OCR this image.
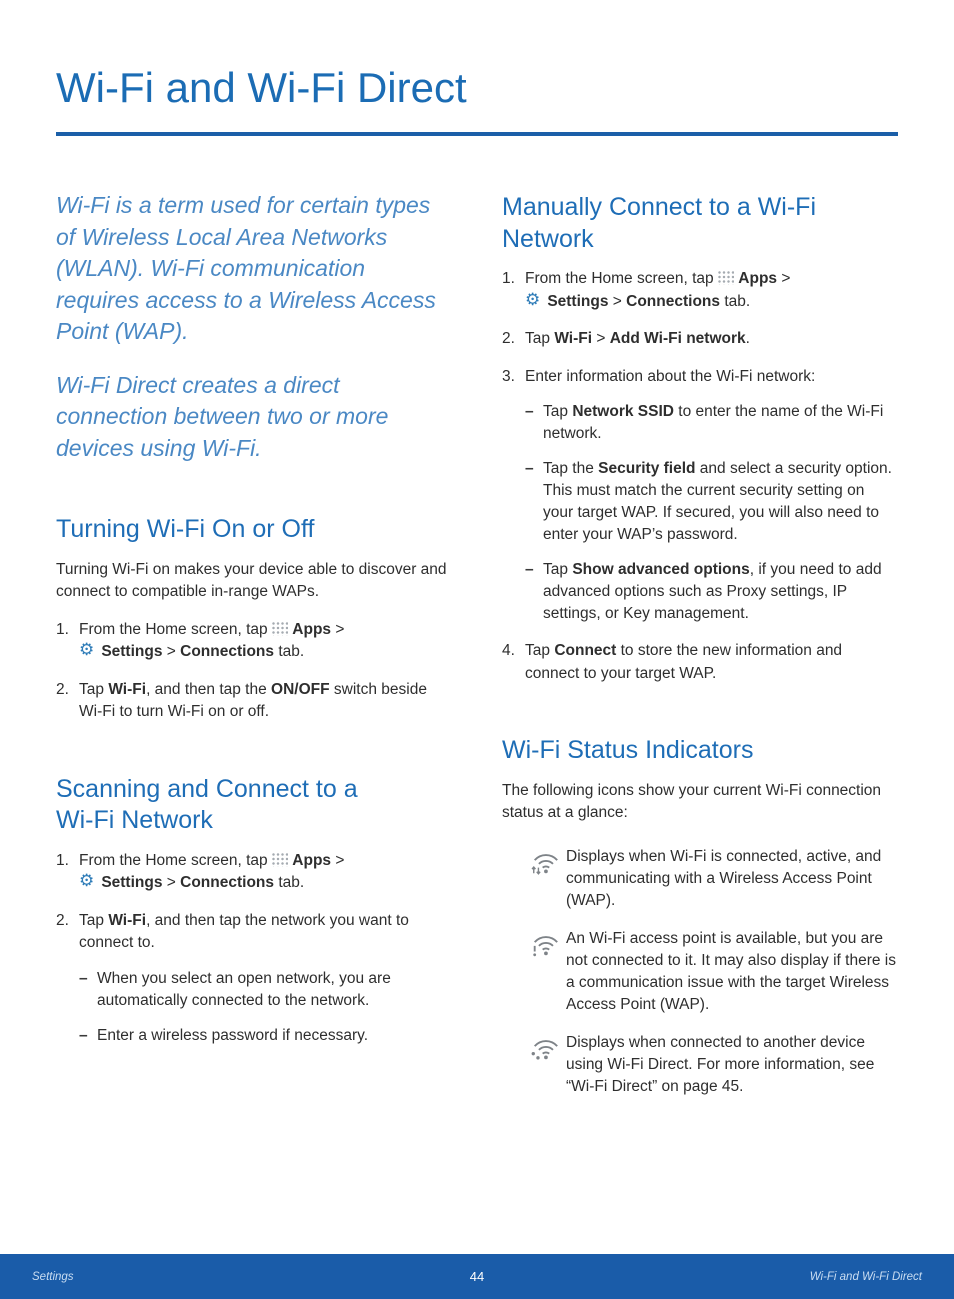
Wi-Fi and Wi-Fi Direct

Wi-Fi is a term used for certain types of Wireless Local Area Networks (WLAN). Wi-Fi communication requires access to a Wireless Access Point (WAP).

Wi-Fi Direct creates a direct connection between two or more devices using Wi-Fi.

Turning Wi-Fi On or Off

Turning Wi-Fi on makes your device able to discover and connect to compatible in-range WAPs.

1. From the Home screen, tap  Apps >
⚙ Settings > Connections tab.
2. Tap Wi-Fi, and then tap the ON/OFF switch beside Wi-Fi to turn Wi-Fi on or off.
Scanning and Connect to a Wi-Fi Network
1. From the Home screen, tap  Apps >
⚙ Settings > Connections tab.
2. Tap Wi-Fi, and then tap the network you want to connect to.
– When you select an open network, you are automatically connected to the network.
– Enter a wireless password if necessary.
Manually Connect to a Wi-Fi Network
1. From the Home screen, tap  Apps >
⚙ Settings > Connections tab.
2. Tap Wi-Fi > Add Wi-Fi network.
3. Enter information about the Wi-Fi network:
– Tap Network SSID to enter the name of the Wi-Fi network.
– Tap the Security field and select a security option. This must match the current security setting on your target WAP. If secured, you will also need to enter your WAP’s password.
– Tap Show advanced options, if you need to add advanced options such as Proxy settings, IP settings, or Key management.
4. Tap Connect to store the new information and connect to your target WAP.
Wi-Fi Status Indicators

The following icons show your current Wi-Fi connection status at a glance:

Displays when Wi-Fi is connected, active, and communicating with a Wireless Access Point (WAP).
An Wi-Fi access point is available, but you are not connected to it. It may also display if there is a communication issue with the target Wireless Access Point (WAP).
Displays when connected to another device using Wi-Fi Direct. For more information, see “Wi-Fi Direct” on page 45.
Settings	44	Wi-Fi and Wi-Fi Direct
